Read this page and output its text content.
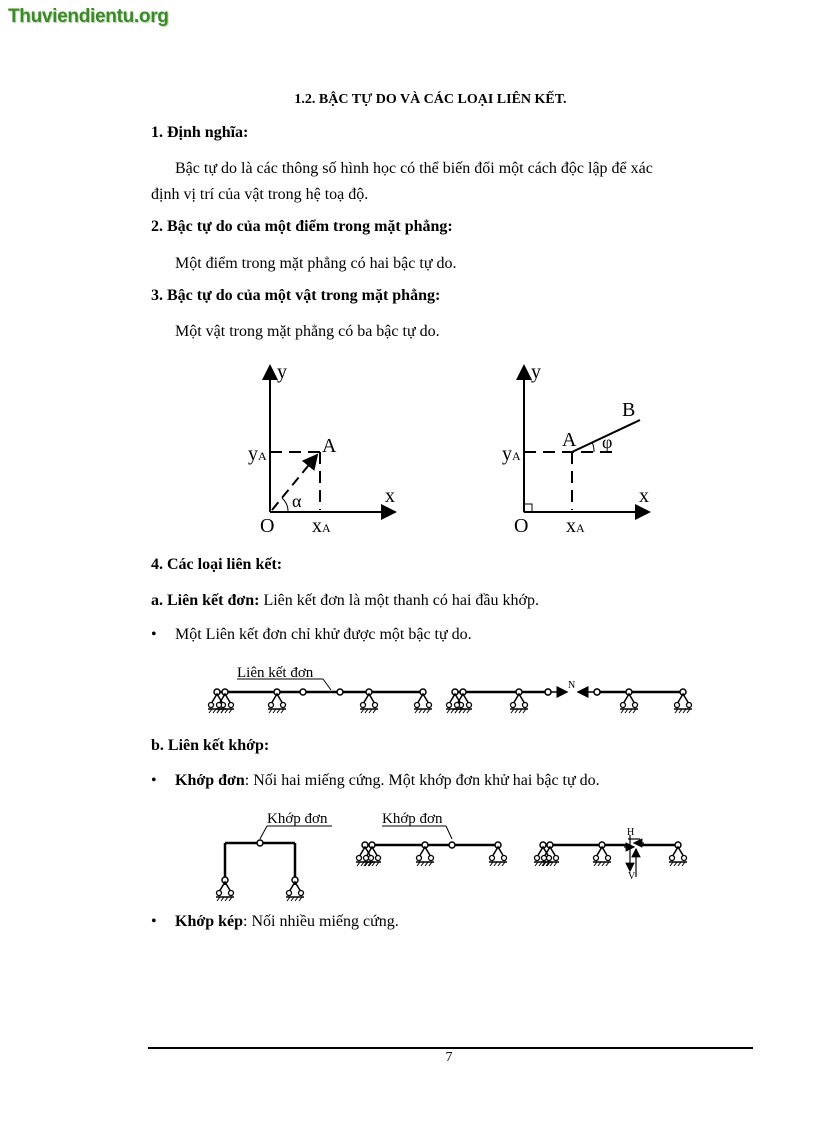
Thuviendientu.org
1.2. BẬC TỰ DO VÀ CÁC LOẠI LIÊN KẾT.
1. Định nghĩa:
Bậc tự do là các thông số hình học có thể biến đổi một cách độc lập để xác
định vị trí của vật trong hệ toạ độ.
2. Bậc tự do của một điểm trong mặt phẳng:
Một điểm trong mặt phẳng có hai bậc tự do.
3. Bậc tự do của một vật trong mặt phẳng:
Một vật trong mặt phẳng có ba bậc tự do.
y
x
O
yA
xA
A
α
y
x
O
yA
xA
A
B
φ
4. Các loại liên kết:
a. Liên kết đơn: Liên kết đơn là một thanh có hai đầu khớp.
• Một Liên kết đơn chỉ khử được một bậc tự do.
Liên kết đơn
N
b. Liên kết khớp:
• Khớp đơn: Nối hai miếng cứng. Một khớp đơn khử hai bậc tự do.
Khớp đơn	Khớp đơn
H
V
• Khớp kép: Nối nhiều miếng cứng.
7
